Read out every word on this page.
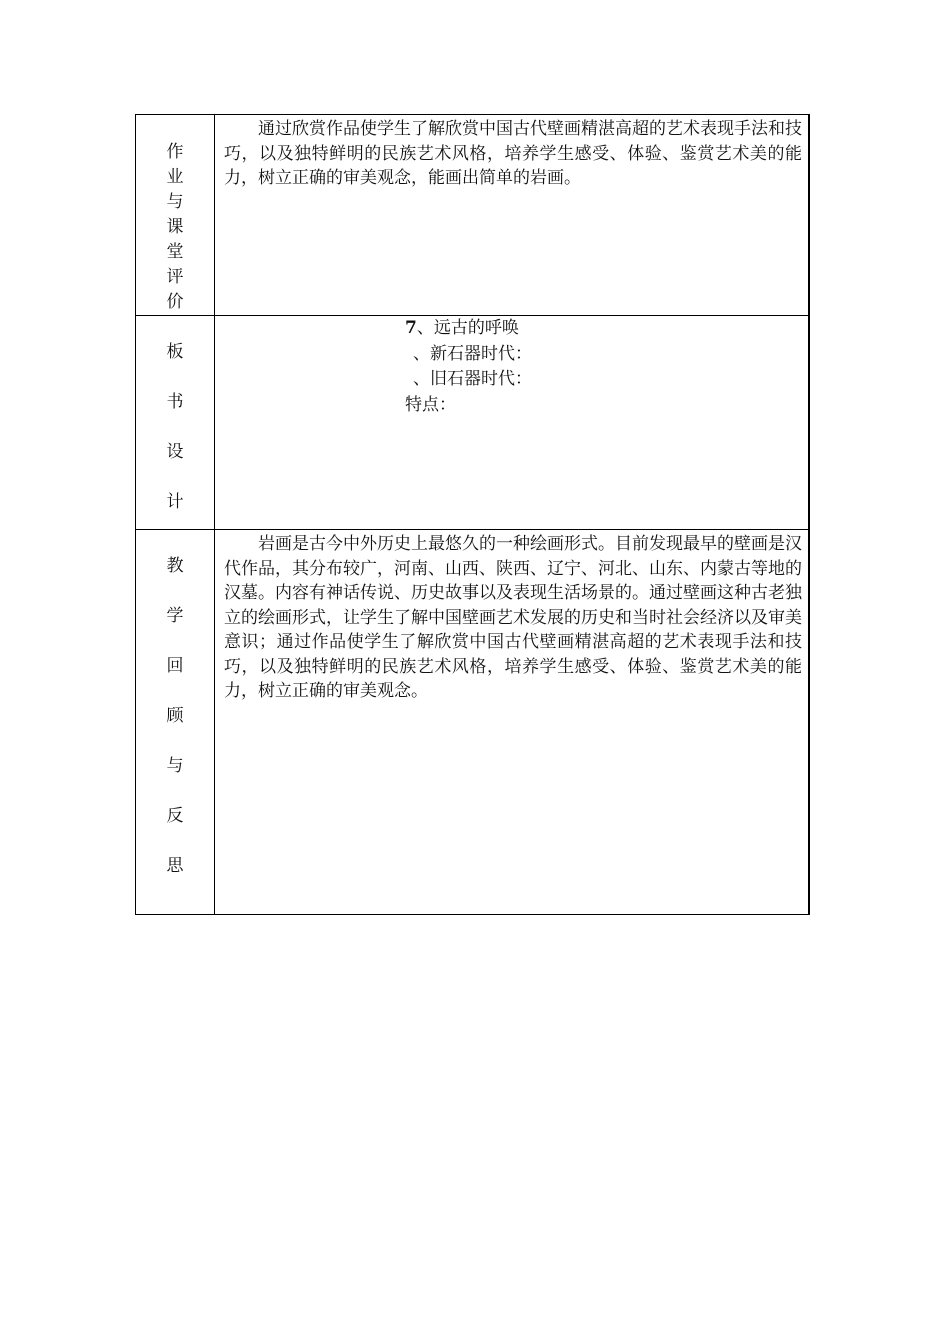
作
业
与
课
堂
评
价

通过欣赏作品使学生了解欣赏中国古代壁画精湛高超的艺术表现手法和技巧，以及独特鲜明的民族艺术风格，培养学生感受、体验、鉴赏艺术美的能力，树立正确的审美观念，能画出简单的岩画。

板
书
设
计
7、远古的呼唤
、新石器时代：
、旧石器时代：
特点：
教
学
回
顾
与
反
思

岩画是古今中外历史上最悠久的一种绘画形式。目前发现最早的壁画是汉代作品，其分布较广，河南、山西、陕西、辽宁、河北、山东、内蒙古等地的汉墓。内容有神话传说、历史故事以及表现生活场景的。通过壁画这种古老独立的绘画形式，让学生了解中国壁画艺术发展的历史和当时社会经济以及审美意识；通过作品使学生了解欣赏中国古代壁画精湛高超的艺术表现手法和技巧，以及独特鲜明的民族艺术风格，培养学生感受、体验、鉴赏艺术美的能力，树立正确的审美观念。
